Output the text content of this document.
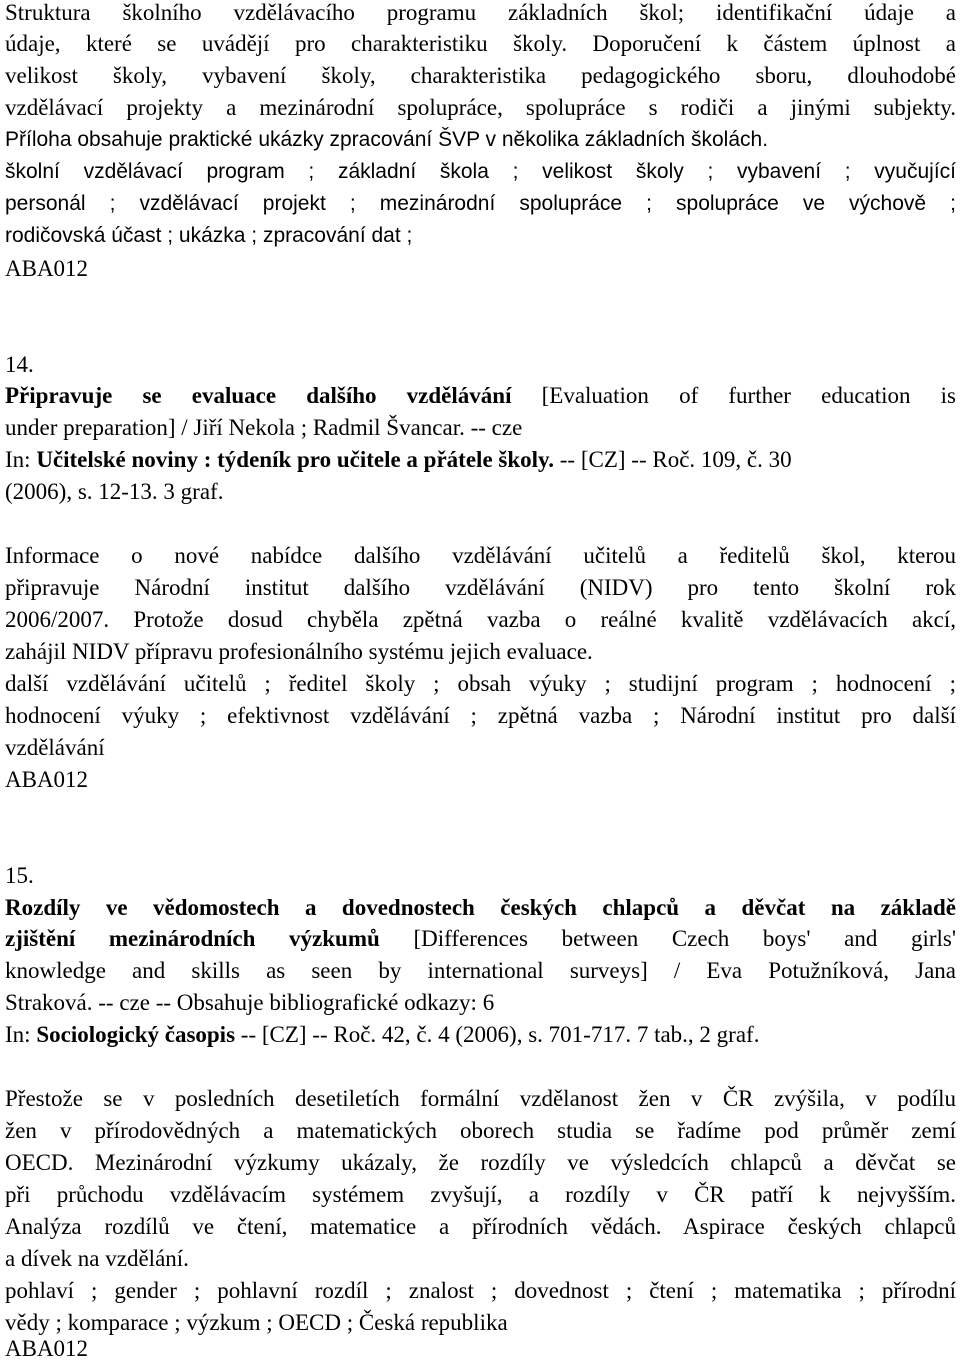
Struktura školního vzdělávacího programu základních škol; identifikační údaje a
údaje, které se uvádějí pro charakteristiku školy. Doporučení k částem úplnost a
velikost školy, vybavení školy, charakteristika pedagogického sboru, dlouhodobé
vzdělávací projekty a mezinárodní spolupráce, spolupráce s rodiči a jinými subjekty.
Příloha obsahuje praktické ukázky zpracování ŠVP v několika základních školách.
školní vzdělávací program ; základní škola ; velikost školy ; vybavení ; vyučující
personál ; vzdělávací projekt ; mezinárodní spolupráce ; spolupráce ve výchově ;
rodičovská účast ; ukázka ; zpracování dat ;
ABA012
14.
Připravuje se evaluace dalšího vzdělávání [Evaluation of further education is
under preparation] / Jiří Nekola ; Radmil Švancar. -- cze
In: Učitelské noviny : týdeník pro učitele a přátele školy. -- [CZ] -- Roč. 109, č. 30
(2006), s. 12-13. 3 graf.
Informace o nové nabídce dalšího vzdělávání učitelů a ředitelů škol, kterou
připravuje Národní institut dalšího vzdělávání (NIDV) pro tento školní rok
2006/2007. Protože dosud chyběla zpětná vazba o reálné kvalitě vzdělávacích akcí,
zahájil NIDV přípravu profesionálního systému jejich evaluace.
další vzdělávání učitelů ; ředitel školy ; obsah výuky ; studijní program ; hodnocení ;
hodnocení výuky ; efektivnost vzdělávání ; zpětná vazba ; Národní institut pro další
vzdělávání
ABA012
15.
Rozdíly ve vědomostech a dovednostech českých chlapců a děvčat na základě
zjištění mezinárodních výzkumů [Differences between Czech boys' and girls'
knowledge and skills as seen by international surveys] / Eva Potužníková, Jana
Straková. -- cze -- Obsahuje bibliografické odkazy: 6
In: Sociologický časopis -- [CZ] -- Roč. 42, č. 4 (2006), s. 701-717. 7 tab., 2 graf.
Přestože se v posledních desetiletích formální vzdělanost žen v ČR zvýšila, v podílu
žen v přírodovědných a matematických oborech studia se řadíme pod průměr zemí
OECD. Mezinárodní výzkumy ukázaly, že rozdíly ve výsledcích chlapců a děvčat se
při průchodu vzdělávacím systémem zvyšují, a rozdíly v ČR patří k nejvyšším.
Analýza rozdílů ve čtení, matematice a přírodních vědách. Aspirace českých chlapců
a dívek na vzdělání.
pohlaví ; gender ; pohlavní rozdíl ; znalost ; dovednost ; čtení ; matematika ; přírodní
vědy ; komparace ; výzkum ; OECD ; Česká republika
ABA012
